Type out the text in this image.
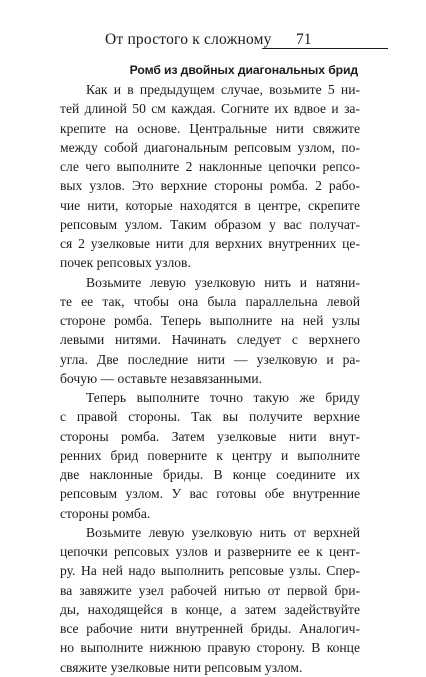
От простого к сложному 71
Ромб из двойных диагональных брид

Как и в предыдущем случае, возьмите 5 ни-
тей длиной 50 см каждая. Согните их вдвое и за-
крепите на основе. Центральные нити свяжите
между собой диагональным репсовым узлом, по-
сле чего выполните 2 наклонные цепочки репсо-
вых узлов. Это верхние стороны ромба. 2 рабо-
чие нити, которые находятся в центре, скрепите
репсовым узлом. Таким образом у вас получат-
ся 2 узелковые нити для верхних внутренних це-
почек репсовых узлов.

Возьмите левую узелковую нить и натяни-
те ее так, чтобы она была параллельна левой
стороне ромба. Теперь выполните на ней узлы
левыми нитями. Начинать следует с верхнего
угла. Две последние нити — узелковую и ра-
бочую — оставьте незавязанными.

Теперь выполните точно такую же бриду
с правой стороны. Так вы получите верхние
стороны ромба. Затем узелковые нити внут-
ренних брид поверните к центру и выполните
две наклонные бриды. В конце соедините их
репсовым узлом. У вас готовы обе внутренние
стороны ромба.

Возьмите левую узелковую нить от верхней
цепочки репсовых узлов и разверните ее к цент-
ру. На ней надо выполнить репсовые узлы. Спер-
ва завяжите узел рабочей нитью от первой бри-
ды, находящейся в конце, а затем задействуйте
все рабочие нити внутренней бриды. Аналогич-
но выполните нижнюю правую сторону. В конце
свяжите узелковые нити репсовым узлом.
